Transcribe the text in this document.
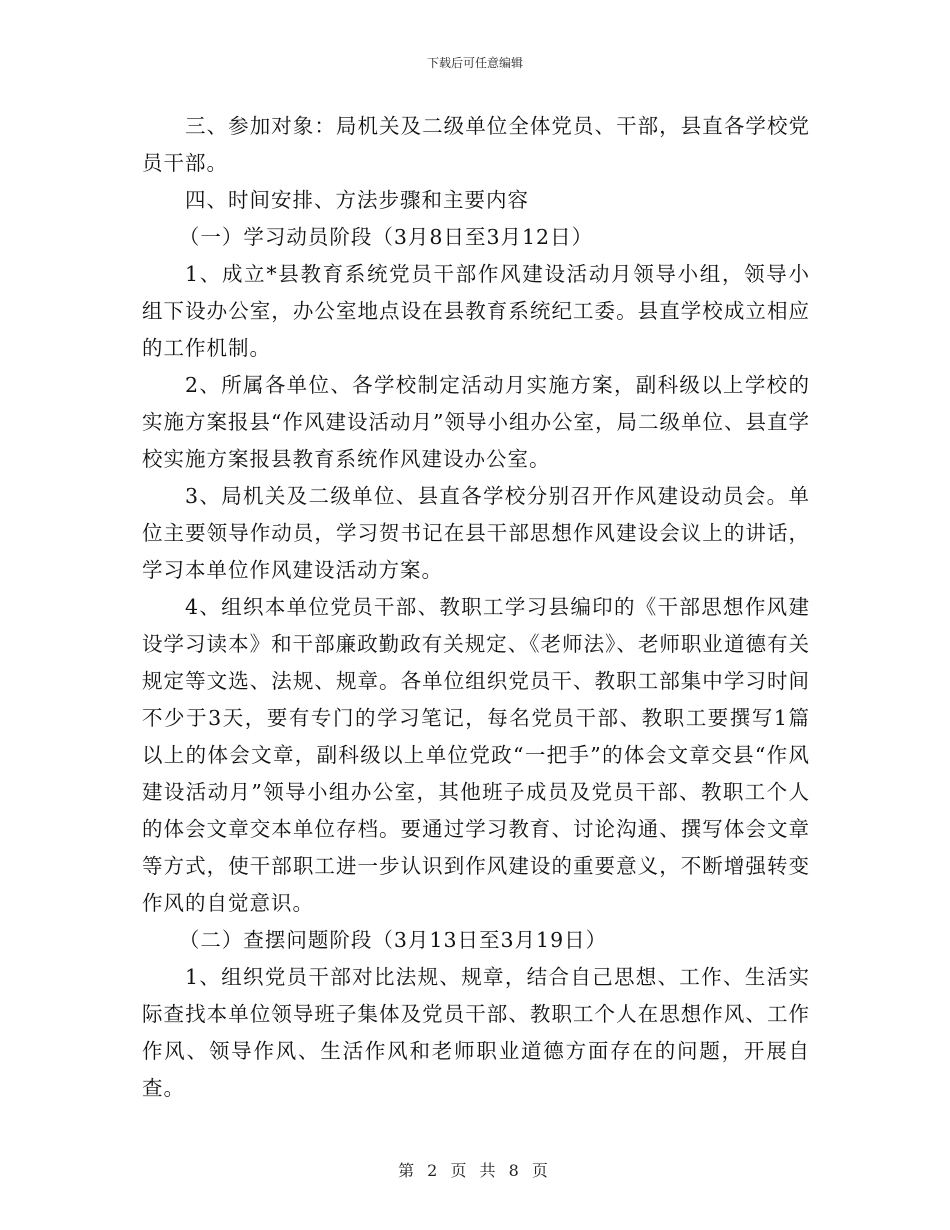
下载后可任意编辑

三、参加对象：局机关及二级单位全体党员、干部，县直各学校党员干部。

四、时间安排、方法步骤和主要内容

（一）学习动员阶段（3月8日至3月12日）

1、成立*县教育系统党员干部作风建设活动月领导小组，领导小组下设办公室，办公室地点设在县教育系统纪工委。县直学校成立相应的工作机制。

2、所属各单位、各学校制定活动月实施方案，副科级以上学校的实施方案报县“作风建设活动月”领导小组办公室，局二级单位、县直学校实施方案报县教育系统作风建设办公室。

3、局机关及二级单位、县直各学校分别召开作风建设动员会。单位主要领导作动员，学习贺书记在县干部思想作风建设会议上的讲话，学习本单位作风建设活动方案。

4、组织本单位党员干部、教职工学习县编印的《干部思想作风建设学习读本》和干部廉政勤政有关规定、《老师法》、老师职业道德有关规定等文选、法规、规章。各单位组织党员干、教职工部集中学习时间不少于3天，要有专门的学习笔记，每名党员干部、教职工要撰写1篇以上的体会文章，副科级以上单位党政“一把手”的体会文章交县“作风建设活动月”领导小组办公室，其他班子成员及党员干部、教职工个人的体会文章交本单位存档。要通过学习教育、讨论沟通、撰写体会文章等方式，使干部职工进一步认识到作风建设的重要意义，不断增强转变作风的自觉意识。

（二）查摆问题阶段（3月13日至3月19日）

1、组织党员干部对比法规、规章，结合自己思想、工作、生活实际查找本单位领导班子集体及党员干部、教职工个人在思想作风、工作作风、领导作风、生活作风和老师职业道德方面存在的问题，开展自查。

第 2 页 共 8 页
